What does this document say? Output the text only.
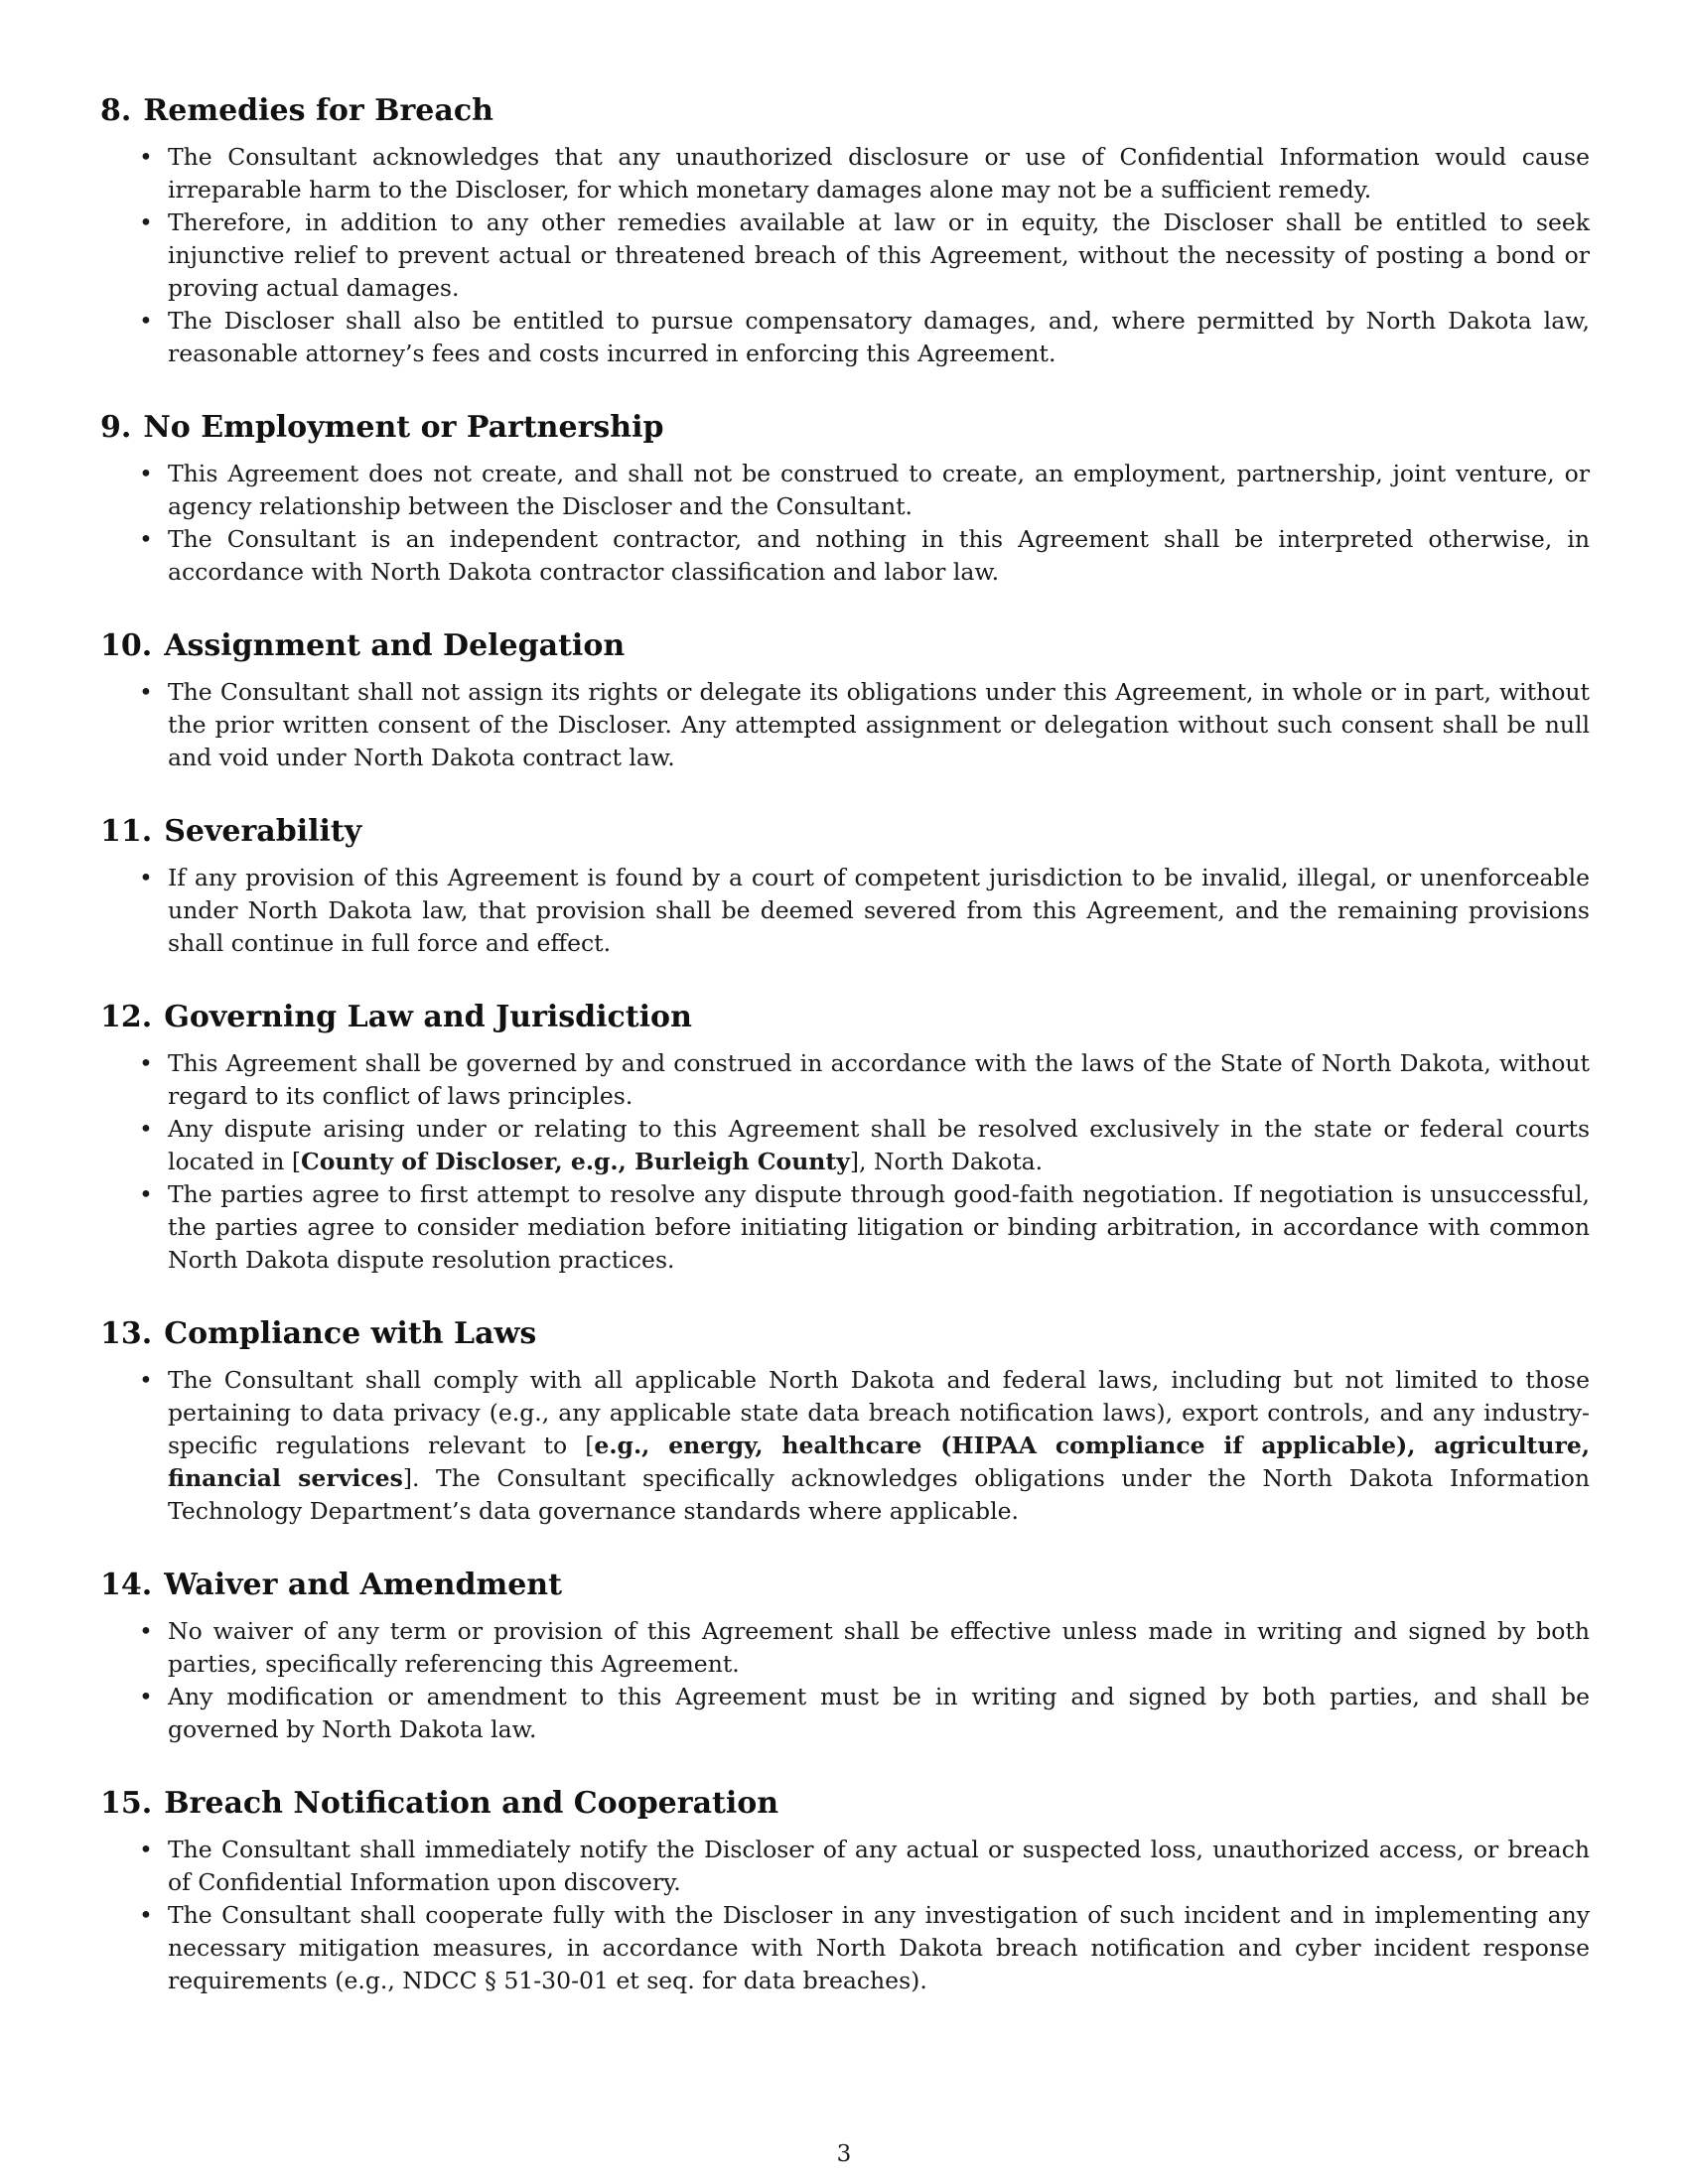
8. Remedies for Breach
• The Consultant acknowledges that any unauthorized disclosure or use of Confidential Information would cause irreparable harm to the Discloser, for which monetary damages alone may not be a sufficient remedy.
• Therefore, in addition to any other remedies available at law or in equity, the Discloser shall be entitled to seek injunctive relief to prevent actual or threatened breach of this Agreement, without the necessity of posting a bond or proving actual damages.
• The Discloser shall also be entitled to pursue compensatory damages, and, where permitted by North Dakota law, reasonable attorney’s fees and costs incurred in enforcing this Agreement.
9. No Employment or Partnership
• This Agreement does not create, and shall not be construed to create, an employment, partnership, joint venture, or agency relationship between the Discloser and the Consultant.
• The Consultant is an independent contractor, and nothing in this Agreement shall be interpreted otherwise, in accordance with North Dakota contractor classification and labor law.
10. Assignment and Delegation
• The Consultant shall not assign its rights or delegate its obligations under this Agreement, in whole or in part, without the prior written consent of the Discloser. Any attempted assignment or delegation without such consent shall be null and void under North Dakota contract law.
11. Severability
• If any provision of this Agreement is found by a court of competent jurisdiction to be invalid, illegal, or unenforceable under North Dakota law, that provision shall be deemed severed from this Agreement, and the remaining provisions shall continue in full force and effect.
12. Governing Law and Jurisdiction
• This Agreement shall be governed by and construed in accordance with the laws of the State of North Dakota, without regard to its conflict of laws principles.
• Any dispute arising under or relating to this Agreement shall be resolved exclusively in the state or federal courts located in [County of Discloser, e.g., Burleigh County], North Dakota.
• The parties agree to first attempt to resolve any dispute through good-faith negotiation. If negotiation is unsuccessful, the parties agree to consider mediation before initiating litigation or binding arbitration, in accordance with common North Dakota dispute resolution practices.
13. Compliance with Laws
• The Consultant shall comply with all applicable North Dakota and federal laws, including but not limited to those pertaining to data privacy (e.g., any applicable state data breach notification laws), export controls, and any industry-specific regulations relevant to [e.g., energy, healthcare (HIPAA compliance if applicable), agriculture, financial services]. The Consultant specifically acknowledges obligations under the North Dakota Information Technology Department’s data governance standards where applicable.
14. Waiver and Amendment
• No waiver of any term or provision of this Agreement shall be effective unless made in writing and signed by both parties, specifically referencing this Agreement.
• Any modification or amendment to this Agreement must be in writing and signed by both parties, and shall be governed by North Dakota law.
15. Breach Notification and Cooperation
• The Consultant shall immediately notify the Discloser of any actual or suspected loss, unauthorized access, or breach of Confidential Information upon discovery.
• The Consultant shall cooperate fully with the Discloser in any investigation of such incident and in implementing any necessary mitigation measures, in accordance with North Dakota breach notification and cyber incident response requirements (e.g., NDCC § 51-30-01 et seq. for data breaches).
3
